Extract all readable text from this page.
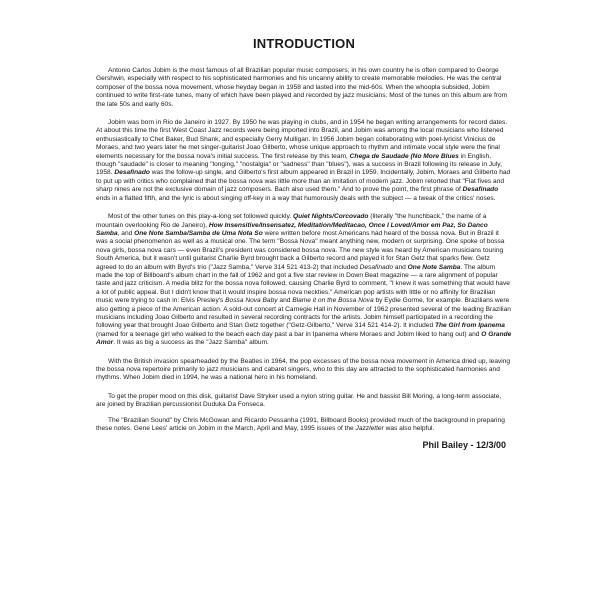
INTRODUCTION

Antonio Carlos Jobim is the most famous of all Brazilian popular music composers; in his own country he is often compared to George Gershwin, especially with respect to his sophisticated harmonies and his uncanny ability to create memorable melodies. He was the central composer of the bossa nova movement, whose heyday began in 1958 and lasted into the mid-60s. When the whoopla subsided, Jobim continued to write first-rate tunes, many of which have been played and recorded by jazz musicians. Most of the tunes on this album are from the late 50s and early 60s.

Jobim was born in Rio de Janeiro in 1927. By 1950 he was playing in clubs, and in 1954 he began writing arrangements for record dates. At about this time the first West Coast Jazz records were being imported into Brazil, and Jobim was among the local musicians who listened enthusiastically to Chet Baker, Bud Shank, and especially Gerry Mulligan. In 1956 Jobim began collaborating with poet-lyricist Vinicius de Moraes, and two years later he met singer-guitarist Joao Gilberto, whose unique approach to rhythm and intimate vocal style were the final elements necessary for the bossa nova's initial success. The first release by this team, Chega de Saudade (No More Blues in English, though "saudade" is closer to meaning "longing," "nostalgia" or "sadness" than "blues"), was a success in Brazil following its release in July, 1958. Desafinado was the follow-up single, and Gilberto's first album appeared in Brazil in 1959. Incidentally, Jobim, Moraes and Gilberto had to put up with critics who complained that the bossa nova was little more than an imitation of modern jazz. Jobim retorted that "Flat fives and sharp nines are not the exclusive domain of jazz composers. Bach also used them." And to prove the point, the first phrase of Desafinado ends in a flatted fifth, and the lyric is about singing off-key in a way that humorously deals with the subject — a tweak of the critics' noses.

Most of the other tunes on this play-a-long set followed quickly. Quiet Nights/Corcovado (literally "the hunchback," the name of a mountain overlooking Rio de Janeiro), How Insensitive/Insensatez, Meditation/Meditacao, Once I Loved/Amor em Paz, So Danco Samba, and One Note Samba/Samba de Uma Nota So were written before most Americans had heard of the bossa nova. But in Brazil it was a social phenomenon as well as a musical one. The term "Bossa Nova" meant anything new, modern or surprising. One spoke of bossa nova girls, bossa nova cars — even Brazil's president was considered bossa nova. The new style was heard by American musicians touring South America, but it wasn't until guitarist Charlie Byrd brought back a Gilberto record and played it for Stan Getz that sparks flew. Getz agreed to do an album with Byrd's trio ("Jazz Samba," Verve 314 521 413-2) that included Desafinado and One Note Samba. The album made the top of Billboard's album chart in the fall of 1962 and got a five star review in Down Beat magazine — a rare alignment of popular taste and jazz criticism. A media blitz for the bossa nova followed, causing Charlie Byrd to comment, "I knew it was something that would have a lot of public appeal. But I didn't know that it would inspire bossa nova neckties." American pop artists with little or no affinity for Brazilian music were trying to cash in: Elvis Presley's Bossa Nova Baby and Blame it on the Bossa Nova by Eydie Gorme, for example. Brazilians were also getting a piece of the American action. A sold-out concert at Carnegie Hall in November of 1962 presented several of the leading Brazilian musicians including Joao Gilberto and resulted in several recording contracts for the artists. Jobim himself participated in a recording the following year that brought Joao Gilberto and Stan Getz together ("Getz-Gilberto," Verve 314 521 414-2). It included The Girl from Ipanema (named for a teenage girl who walked to the beach each day past a bar in Ipanema where Moraes and Jobim liked to hang out) and O Grande Amor. It was as big a success as the "Jazz Samba" album.

With the British invasion spearheaded by the Beatles in 1964, the pop excesses of the bossa nova movement in America dried up, leaving the bossa nova repertoire primarily to jazz musicians and cabaret singers, who to this day are attracted to the sophisticated harmonies and rhythms. When Jobim died in 1994, he was a national hero in his homeland.

To get the proper mood on this disk, guitarist Dave Stryker used a nylon string guitar. He and bassist Bill Moring, a long-term associate, are joined by Brazilian percussionist Duduka Da Fonseca.

The "Brazilian Sound" by Chris McGowan and Ricardo Pessanha (1991, Billboard Books) provided much of the background in preparing these notes. Gene Lees' article on Jobim in the March, April and May, 1995 issues of the Jazzletter was also helpful.

Phil Bailey - 12/3/00
